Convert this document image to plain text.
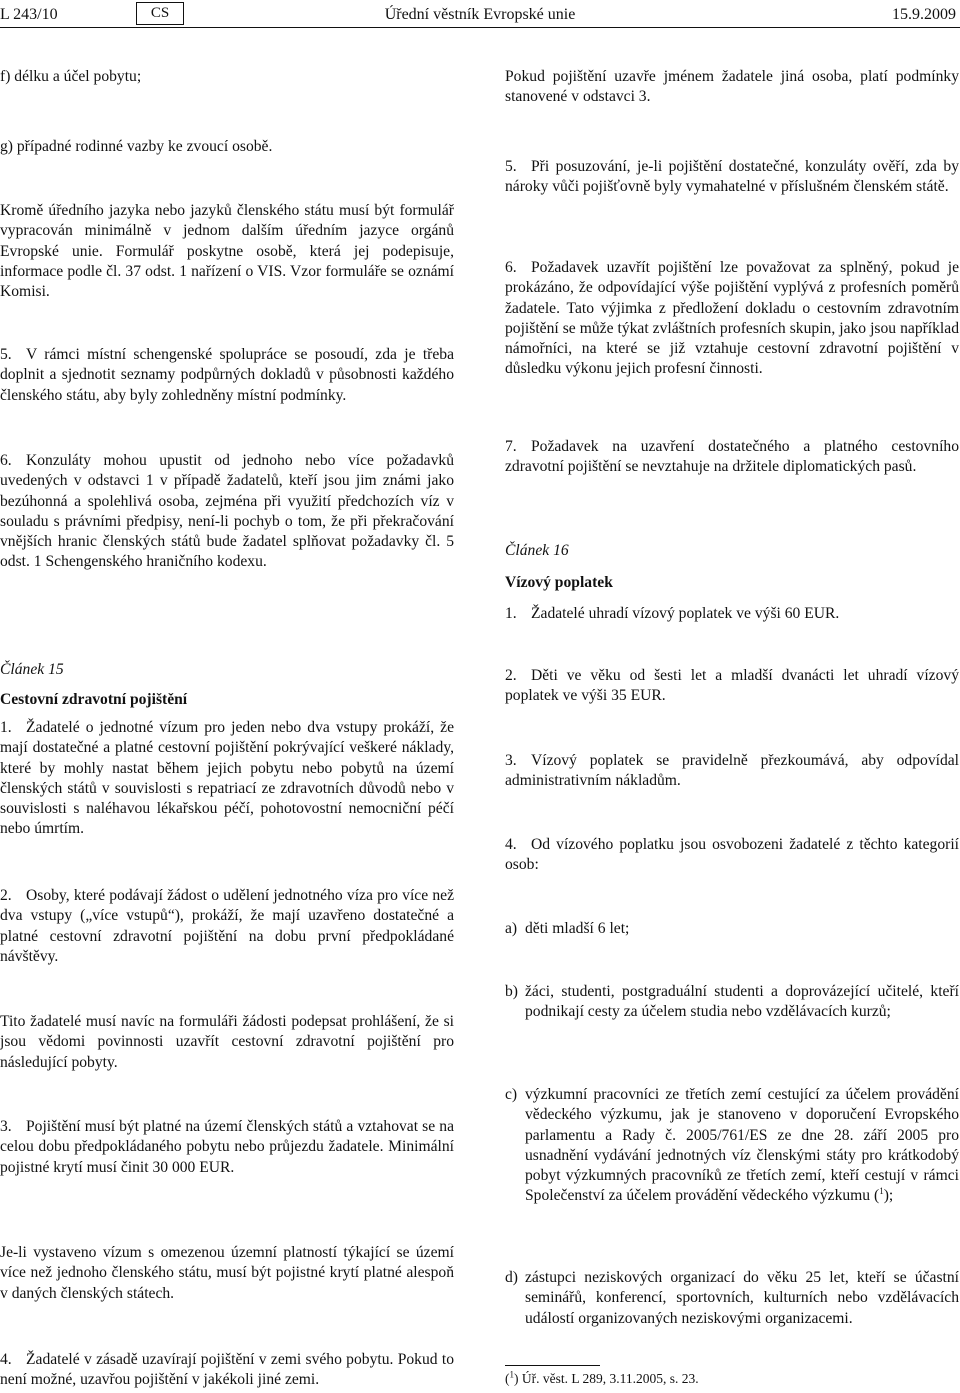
L 243/10	CS	Úřední věstník Evropské unie	15.9.2009

f) délku a účel pobytu;

g) případné rodinné vazby ke zvoucí osobě.

Kromě úředního jazyka nebo jazyků členského státu musí být formulář vypracován minimálně v jednom dalším úředním jazyce orgánů Evropské unie. Formulář poskytne osobě, která jej podepisuje, informace podle čl. 37 odst. 1 nařízení o VIS. Vzor formuláře se oznámí Komisi.

5. V rámci místní schengenské spolupráce se posoudí, zda je třeba doplnit a sjednotit seznamy podpůrných dokladů v působnosti každého členského státu, aby byly zohledněny místní podmínky.

6. Konzuláty mohou upustit od jednoho nebo více požadavků uvedených v odstavci 1 v případě žadatelů, kteří jsou jim známi jako bezúhonná a spolehlivá osoba, zejména při využití předchozích víz v souladu s právními předpisy, není-li pochyb o tom, že při překračování vnějších hranic členských států bude žadatel splňovat požadavky čl. 5 odst. 1 Schengenského hraničního kodexu.

Článek 15

Cestovní zdravotní pojištění

1. Žadatelé o jednotné vízum pro jeden nebo dva vstupy prokáží, že mají dostatečné a platné cestovní pojištění pokrývající veškeré náklady, které by mohly nastat během jejich pobytu nebo pobytů na území členských států v souvislosti s repatriací ze zdravotních důvodů nebo v souvislosti s naléhavou lékařskou péčí, pohotovostní nemocniční péčí nebo úmrtím.

2. Osoby, které podávají žádost o udělení jednotného víza pro více než dva vstupy („více vstupů“), prokáží, že mají uzavřeno dostatečné a platné cestovní zdravotní pojištění na dobu první předpokládané návštěvy.

Tito žadatelé musí navíc na formuláři žádosti podepsat prohlášení, že si jsou vědomi povinnosti uzavřít cestovní zdravotní pojištění pro následující pobyty.

3. Pojištění musí být platné na území členských států a vztahovat se na celou dobu předpokládaného pobytu nebo průjezdu žadatele. Minimální pojistné krytí musí činit 30 000 EUR.

Je-li vystaveno vízum s omezenou územní platností týkající se území více než jednoho členského státu, musí být pojistné krytí platné alespoň v daných členských státech.

4. Žadatelé v zásadě uzavírají pojištění v zemi svého pobytu. Pokud to není možné, uzavřou pojištění v jakékoli jiné zemi.

Pokud pojištění uzavře jménem žadatele jiná osoba, platí podmínky stanovené v odstavci 3.

5. Při posuzování, je-li pojištění dostatečné, konzuláty ověří, zda by nároky vůči pojišťovně byly vymahatelné v příslušném členském státě.

6. Požadavek uzavřít pojištění lze považovat za splněný, pokud je prokázáno, že odpovídající výše pojištění vyplývá z profesních poměrů žadatele. Tato výjimka z předložení dokladu o cestovním zdravotním pojištění se může týkat zvláštních profesních skupin, jako jsou například námořníci, na které se již vztahuje cestovní zdravotní pojištění v důsledku výkonu jejich profesní činnosti.

7. Požadavek na uzavření dostatečného a platného cestovního zdravotní pojištění se nevztahuje na držitele diplomatických pasů.

Článek 16

Vízový poplatek

1. Žadatelé uhradí vízový poplatek ve výši 60 EUR.

2. Děti ve věku od šesti let a mladší dvanácti let uhradí vízový poplatek ve výši 35 EUR.

3. Vízový poplatek se pravidelně přezkoumává, aby odpovídal administrativním nákladům.

4. Od vízového poplatku jsou osvobozeni žadatelé z těchto kategorií osob:

a) děti mladší 6 let;

b) žáci, studenti, postgraduální studenti a doprovázející učitelé, kteří podnikají cesty za účelem studia nebo vzdělávacích kurzů;

c) výzkumní pracovníci ze třetích zemí cestující za účelem provádění vědeckého výzkumu, jak je stanoveno v doporučení Evropského parlamentu a Rady č. 2005/761/ES ze dne 28. září 2005 pro usnadnění vydávání jednotných víz členskými státy pro krátkodobý pobyt výzkumných pracovníků ze třetích zemí, kteří cestují v rámci Společenství za účelem provádění vědeckého výzkumu ($^1$);

d) zástupci neziskových organizací do věku 25 let, kteří se účastní seminářů, konferencí, sportovních, kulturních nebo vzdělávacích událostí organizovaných neziskovými organizacemi.

($^1$) Úř. věst. L 289, 3.11.2005, s. 23.
